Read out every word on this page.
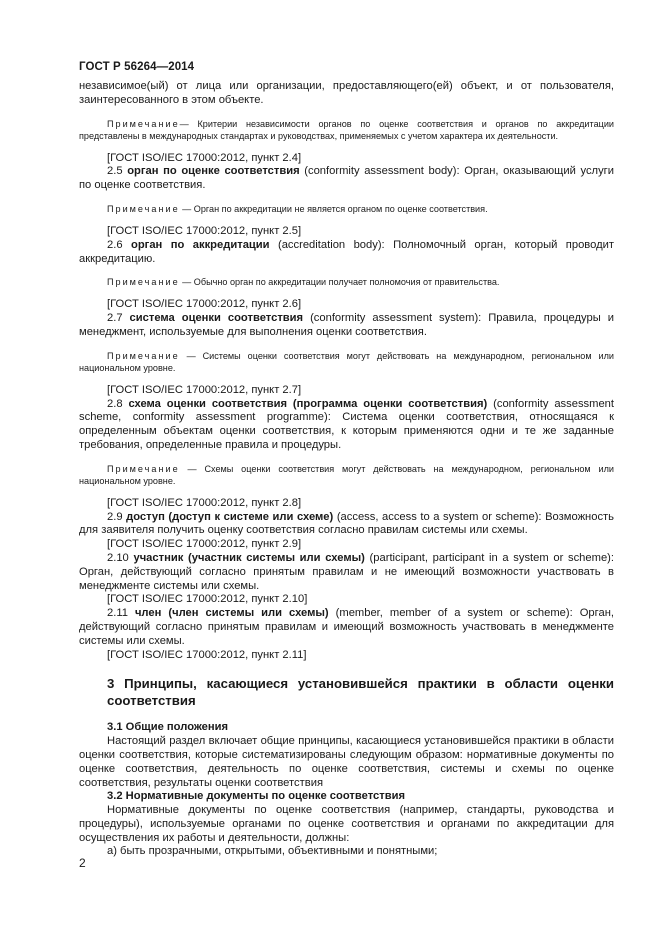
ГОСТ Р 56264—2014

независимое(ый) от лица или организации, предоставляющего(ей) объект, и от пользователя, заинтересованного в этом объекте.

Примечание— Критерии независимости органов по оценке соответствия и органов по аккредитации представлены в международных стандартах и руководствах, применяемых с учетом характера их деятельности.

[ГОСТ ISO/IEC 17000:2012, пункт 2.4]

2.5 орган по оценке соответствия (conformity assessment body): Орган, оказывающий услуги по оценке соответствия.

Примечание — Орган по аккредитации не является органом по оценке соответствия.

[ГОСТ ISO/IEC 17000:2012, пункт 2.5]

2.6 орган по аккредитации (accreditation body): Полномочный орган, который проводит аккредитацию.

Примечание — Обычно орган по аккредитации получает полномочия от правительства.

[ГОСТ ISO/IEC 17000:2012, пункт 2.6]

2.7 система оценки соответствия (conformity assessment system): Правила, процедуры и менеджмент, используемые для выполнения оценки соответствия.

Примечание — Системы оценки соответствия могут действовать на международном, региональном или национальном уровне.

[ГОСТ ISO/IEC 17000:2012, пункт 2.7]

2.8 схема оценки соответствия (программа оценки соответствия) (conformity assessment scheme, conformity assessment programme): Система оценки соответствия, относящаяся к определенным объектам оценки соответствия, к которым применяются одни и те же заданные требования, определенные правила и процедуры.

Примечание — Схемы оценки соответствия могут действовать на международном, региональном или национальном уровне.

[ГОСТ ISO/IEC 17000:2012, пункт 2.8]

2.9 доступ (доступ к системе или схеме) (access, access to a system or scheme): Возможность для заявителя получить оценку соответствия согласно правилам системы или схемы.

[ГОСТ ISO/IEC 17000:2012, пункт 2.9]

2.10 участник (участник системы или схемы) (participant, participant in a system or scheme): Орган, действующий согласно принятым правилам и не имеющий возможности участвовать в менеджменте системы или схемы.

[ГОСТ ISO/IEC 17000:2012, пункт 2.10]

2.11 член (член системы или схемы) (member, member of a system or scheme): Орган, действующий согласно принятым правилам и имеющий возможность участвовать в менеджменте системы или схемы.

[ГОСТ ISO/IEC 17000:2012, пункт 2.11]

3 Принципы, касающиеся установившейся практики в области оценки соответствия

3.1 Общие положения

Настоящий раздел включает общие принципы, касающиеся установившейся практики в области оценки соответствия, которые систематизированы следующим образом: нормативные документы по оценке соответствия, деятельность по оценке соответствия, системы и схемы по оценке соответствия, результаты оценки соответствия

3.2 Нормативные документы по оценке соответствия

Нормативные документы по оценке соответствия (например, стандарты, руководства и процедуры), используемые органами по оценке соответствия и органами по аккредитации для осуществления их работы и деятельности, должны:

а) быть прозрачными, открытыми, объективными и понятными;

2
